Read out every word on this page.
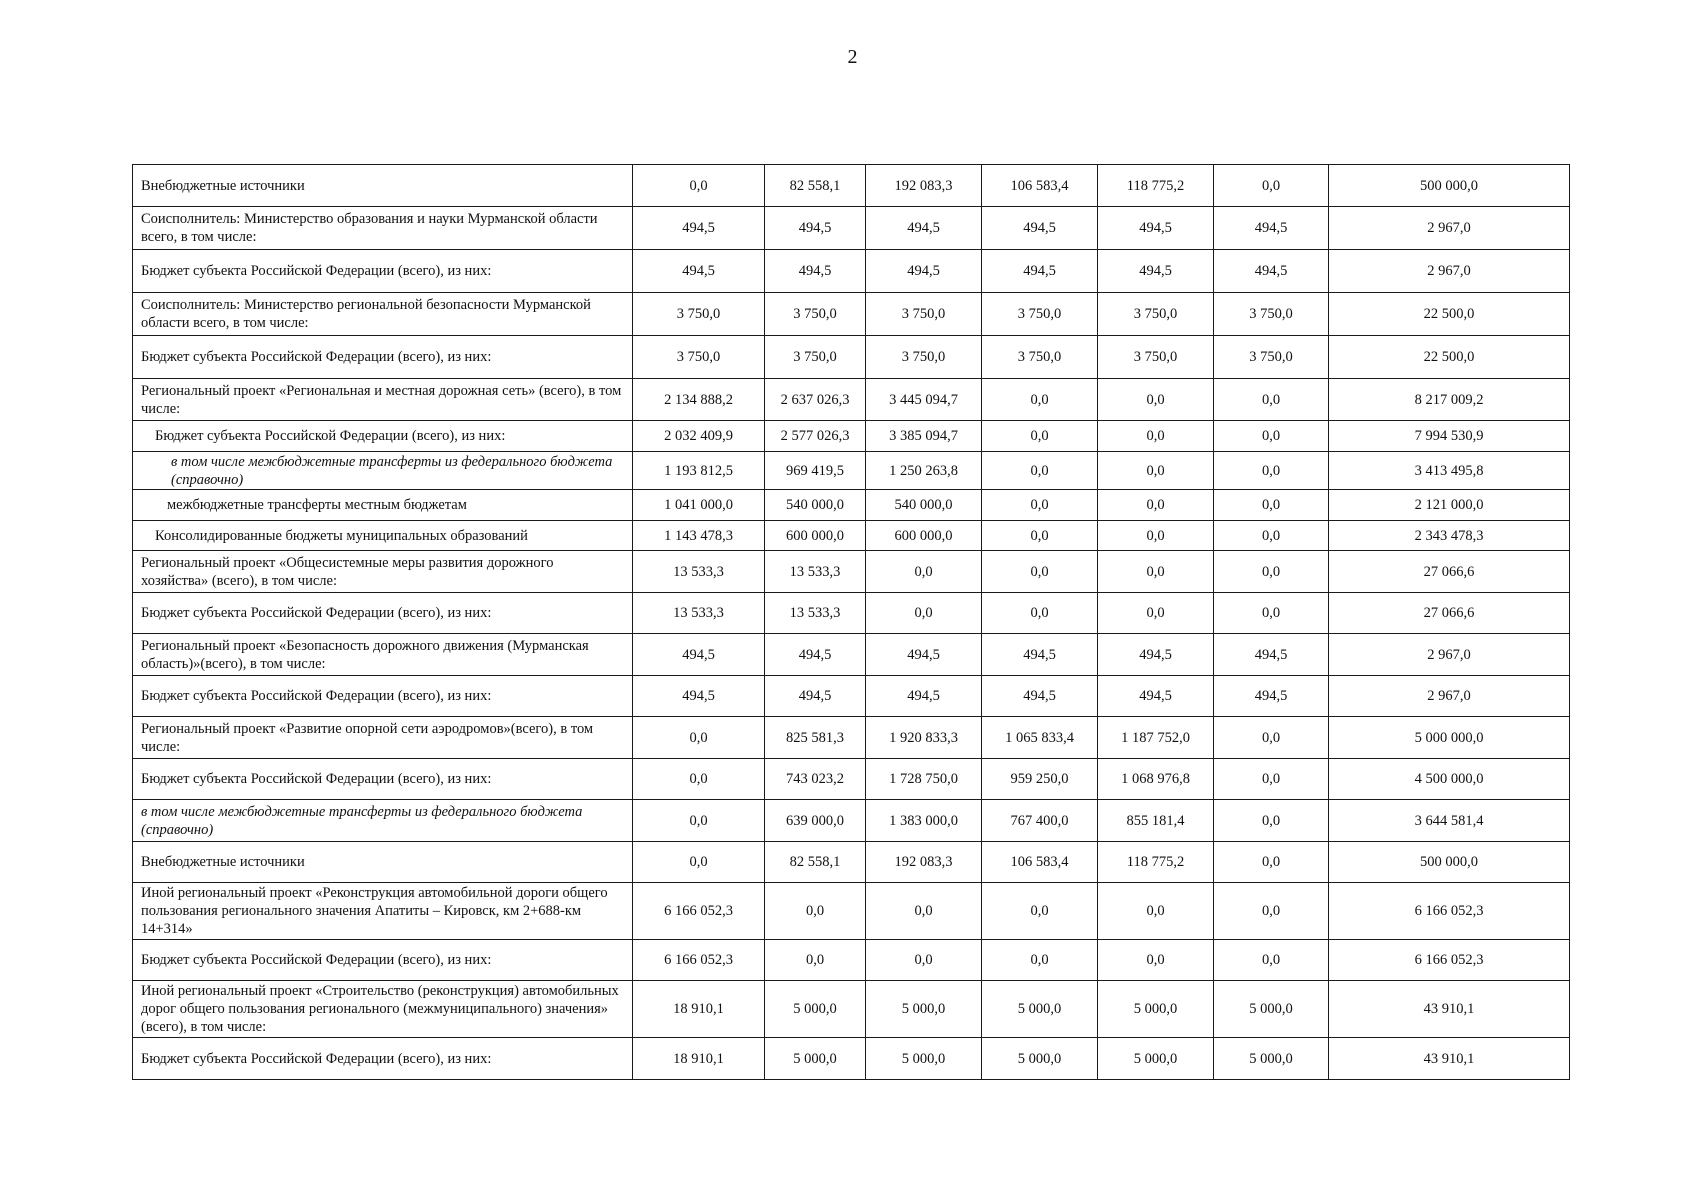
2
Внебюджетные источники	0,0	82 558,1	192 083,3	106 583,4	118 775,2	0,0	500 000,0
Соисполнитель: Министерство образования и науки Мурманской области всего, в том числе:	494,5	494,5	494,5	494,5	494,5	494,5	2 967,0
Бюджет субъекта Российской Федерации (всего), из них:	494,5	494,5	494,5	494,5	494,5	494,5	2 967,0
Соисполнитель: Министерство региональной безопасности Мурманской области всего, в том числе:	3 750,0	3 750,0	3 750,0	3 750,0	3 750,0	3 750,0	22 500,0
Бюджет субъекта Российской Федерации (всего), из них:	3 750,0	3 750,0	3 750,0	3 750,0	3 750,0	3 750,0	22 500,0
Региональный проект «Региональная и местная дорожная сеть» (всего), в том числе:	2 134 888,2	2 637 026,3	3 445 094,7	0,0	0,0	0,0	8 217 009,2
Бюджет субъекта Российской Федерации (всего), из них:	2 032 409,9	2 577 026,3	3 385 094,7	0,0	0,0	0,0	7 994 530,9
в том числе межбюджетные трансферты из федерального бюджета (справочно)	1 193 812,5	969 419,5	1 250 263,8	0,0	0,0	0,0	3 413 495,8
межбюджетные трансферты местным бюджетам	1 041 000,0	540 000,0	540 000,0	0,0	0,0	0,0	2 121 000,0
Консолидированные бюджеты муниципальных образований	1 143 478,3	600 000,0	600 000,0	0,0	0,0	0,0	2 343 478,3
Региональный проект «Общесистемные меры развития дорожного хозяйства» (всего), в том числе:	13 533,3	13 533,3	0,0	0,0	0,0	0,0	27 066,6
Бюджет субъекта Российской Федерации (всего), из них:	13 533,3	13 533,3	0,0	0,0	0,0	0,0	27 066,6
Региональный проект «Безопасность дорожного движения (Мурманская область)»(всего), в том числе:	494,5	494,5	494,5	494,5	494,5	494,5	2 967,0
Бюджет субъекта Российской Федерации (всего), из них:	494,5	494,5	494,5	494,5	494,5	494,5	2 967,0
Региональный проект «Развитие опорной сети аэродромов»(всего), в том числе:	0,0	825 581,3	1 920 833,3	1 065 833,4	1 187 752,0	0,0	5 000 000,0
Бюджет субъекта Российской Федерации (всего), из них:	0,0	743 023,2	1 728 750,0	959 250,0	1 068 976,8	0,0	4 500 000,0
в том числе межбюджетные трансферты из федерального бюджета (справочно)	0,0	639 000,0	1 383 000,0	767 400,0	855 181,4	0,0	3 644 581,4
Внебюджетные источники	0,0	82 558,1	192 083,3	106 583,4	118 775,2	0,0	500 000,0
Иной региональный проект «Реконструкция автомобильной дороги общего пользования регионального значения Апатиты – Кировск, км 2+688-км 14+314»	6 166 052,3	0,0	0,0	0,0	0,0	0,0	6 166 052,3
Бюджет субъекта Российской Федерации (всего), из них:	6 166 052,3	0,0	0,0	0,0	0,0	0,0	6 166 052,3
Иной региональный проект «Строительство (реконструкция) автомобильных дорог общего пользования регионального (межмуниципального) значения» (всего), в том числе:	18 910,1	5 000,0	5 000,0	5 000,0	5 000,0	5 000,0	43 910,1
Бюджет субъекта Российской Федерации (всего), из них:	18 910,1	5 000,0	5 000,0	5 000,0	5 000,0	5 000,0	43 910,1
